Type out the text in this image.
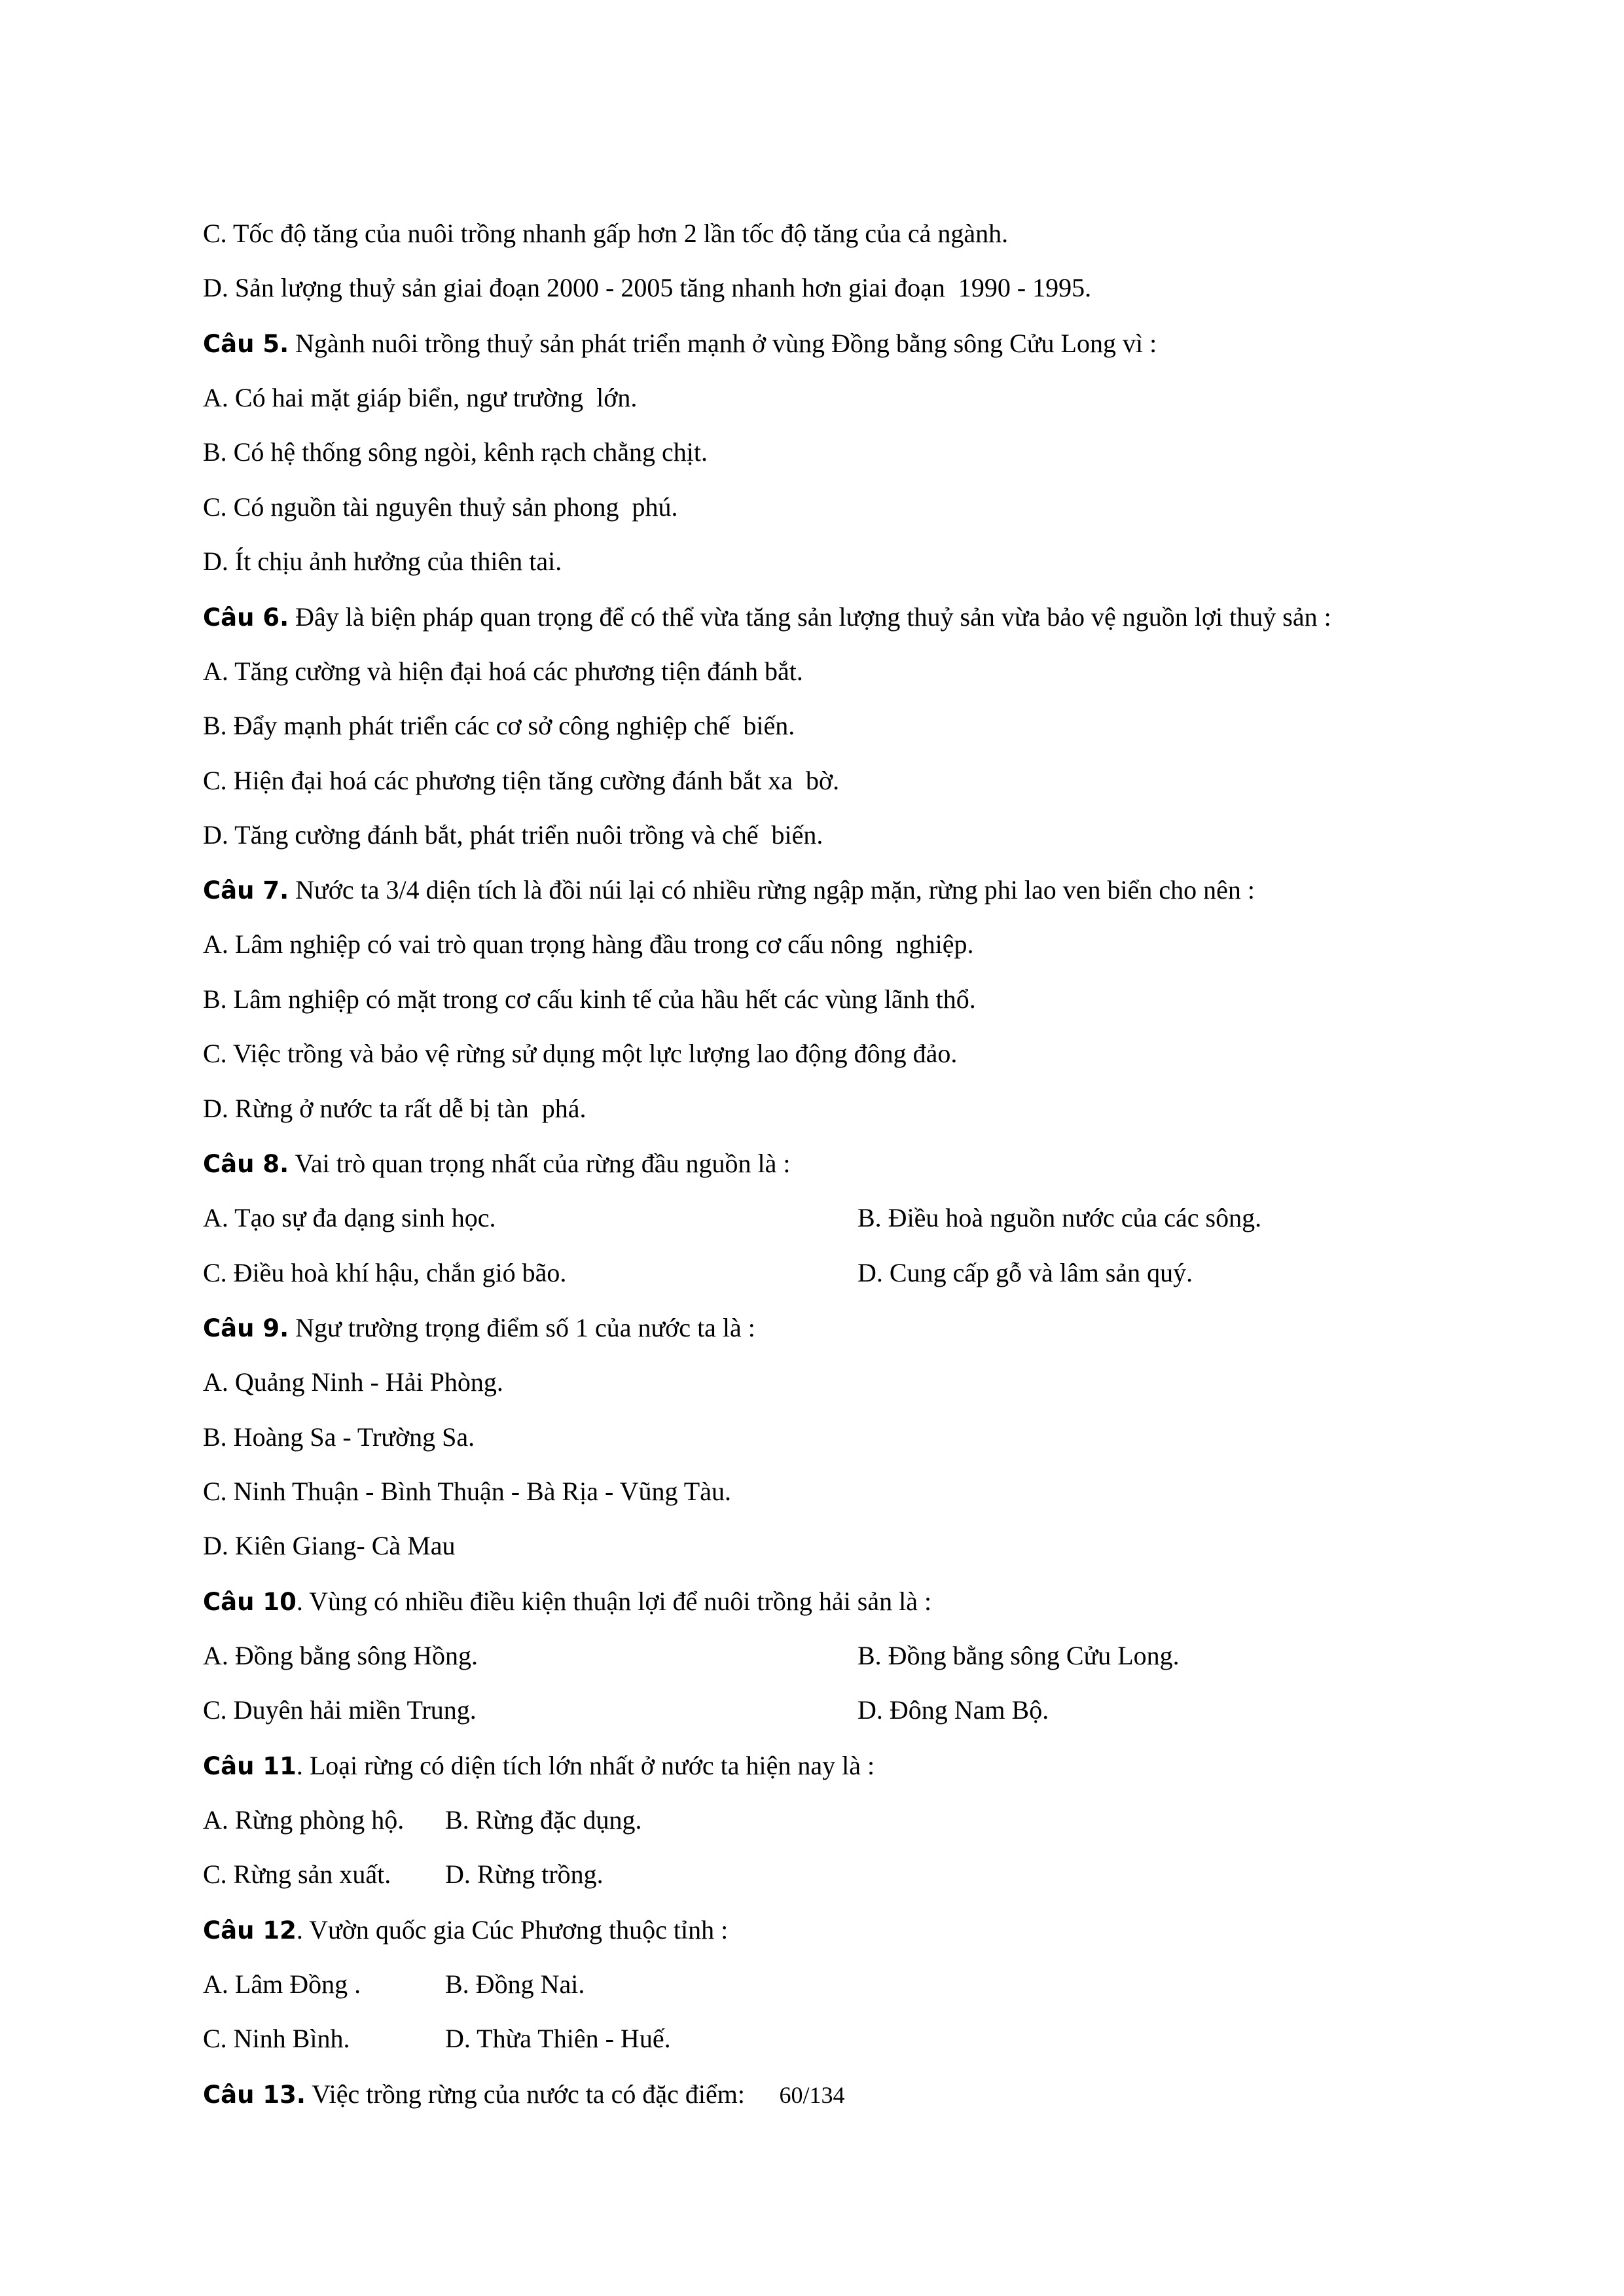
C. Tốc độ tăng của nuôi trồng nhanh gấp hơn 2 lần tốc độ tăng của cả ngành.

D. Sản lượng thuỷ sản giai đoạn 2000 - 2005 tăng nhanh hơn giai đoạn  1990 - 1995.

Câu 5. Ngành nuôi trồng thuỷ sản phát triển mạnh ở vùng Đồng bằng sông Cửu Long vì :

A. Có hai mặt giáp biển, ngư trường  lớn.

B. Có hệ thống sông ngòi, kênh rạch chằng chịt.

C. Có nguồn tài nguyên thuỷ sản phong  phú.

D. Ít chịu ảnh hưởng của thiên tai.

Câu 6. Đây là biện pháp quan trọng để có thể vừa tăng sản lượng thuỷ sản vừa bảo vệ nguồn lợi thuỷ sản :

A. Tăng cường và hiện đại hoá các phương tiện đánh bắt.

B. Đẩy mạnh phát triển các cơ sở công nghiệp chế  biến.

C. Hiện đại hoá các phương tiện tăng cường đánh bắt xa  bờ.

D. Tăng cường đánh bắt, phát triển nuôi trồng và chế  biến.

Câu 7. Nước ta 3/4 diện tích là đồi núi lại có nhiều rừng ngập mặn, rừng phi lao ven biển cho nên :

A. Lâm nghiệp có vai trò quan trọng hàng đầu trong cơ cấu nông  nghiệp.

B. Lâm nghiệp có mặt trong cơ cấu kinh tế của hầu hết các vùng lãnh thổ.

C. Việc trồng và bảo vệ rừng sử dụng một lực lượng lao động đông đảo.

D. Rừng ở nước ta rất dễ bị tàn  phá.

Câu 8. Vai trò quan trọng nhất của rừng đầu nguồn là :

A. Tạo sự đa dạng sinh học.	B. Điều hoà nguồn nước của các sông.
C. Điều hoà khí hậu, chắn gió bão.	D. Cung cấp gỗ và lâm sản quý.

Câu 9. Ngư trường trọng điểm số 1 của nước ta là :

A. Quảng Ninh - Hải Phòng.

B. Hoàng Sa - Trường Sa.

C. Ninh Thuận - Bình Thuận - Bà Rịa - Vũng Tàu.

D. Kiên Giang- Cà Mau

Câu 10. Vùng có nhiều điều kiện thuận lợi để nuôi trồng hải sản là :

A. Đồng bằng sông Hồng.	B. Đồng bằng sông Cửu Long.
C. Duyên hải miền Trung.	D. Đông Nam Bộ.

Câu 11. Loại rừng có diện tích lớn nhất ở nước ta hiện nay là :

A. Rừng phòng hộ.	B. Rừng đặc dụng.
C. Rừng sản xuất.	D. Rừng trồng.

Câu 12. Vườn quốc gia Cúc Phương thuộc tỉnh :

A. Lâm Đồng .	B. Đồng Nai.
C. Ninh Bình.	D. Thừa Thiên - Huế.

Câu 13. Việc trồng rừng của nước ta có đặc điểm:	60/134
